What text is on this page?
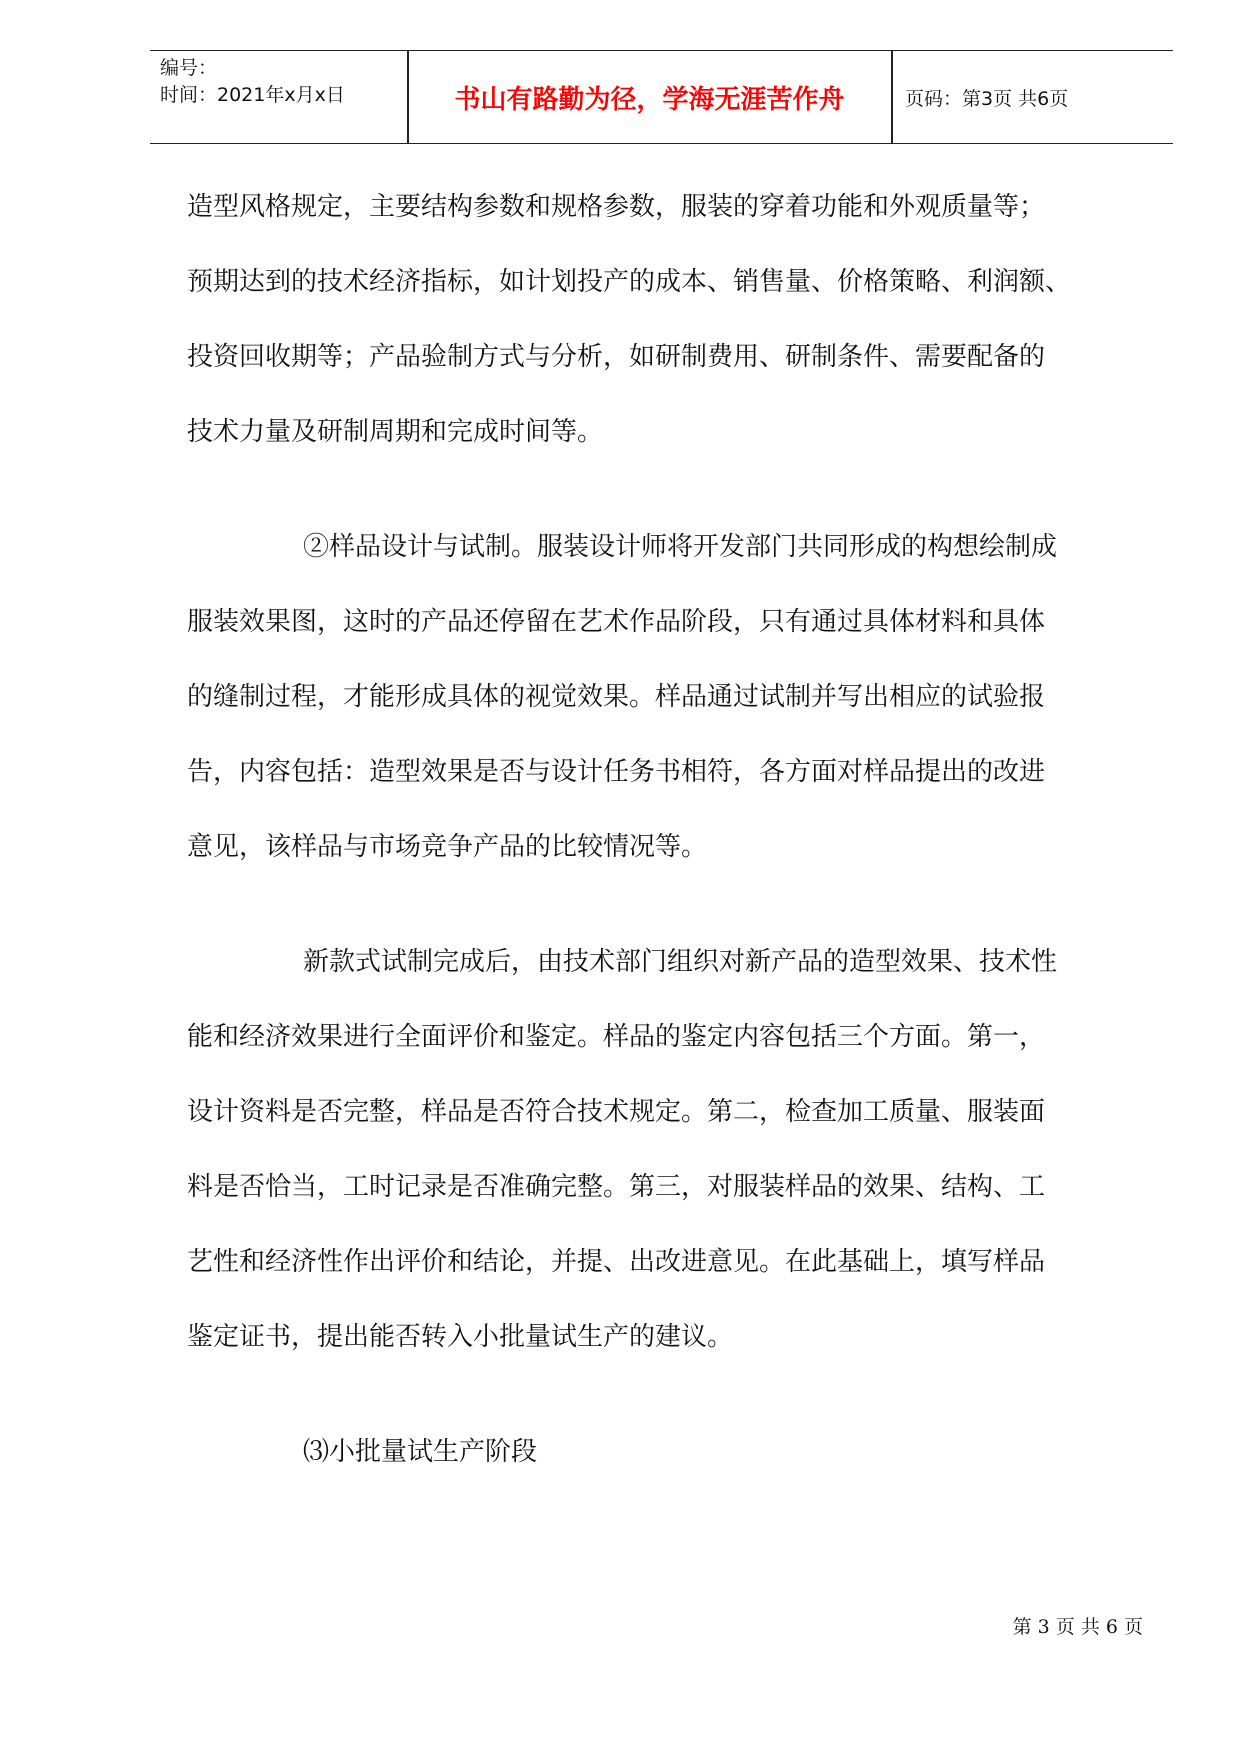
编号：
时间：2021年x月x日	书山有路勤为径，学海无涯苦作舟	页码：第3页 共6页

造型风格规定，主要结构参数和规格参数，服装的穿着功能和外观质量等；
预期达到的技术经济指标，如计划投产的成本、销售量、价格策略、利润额、
投资回收期等；产品验制方式与分析，如研制费用、研制条件、需要配备的
技术力量及研制周期和完成时间等。

②样品设计与试制。服装设计师将开发部门共同形成的构想绘制成
服装效果图，这时的产品还停留在艺术作品阶段，只有通过具体材料和具体
的缝制过程，才能形成具体的视觉效果。样品通过试制并写出相应的试验报
告，内容包括：造型效果是否与设计任务书相符，各方面对样品提出的改进
意见，该样品与市场竞争产品的比较情况等。

新款式试制完成后，由技术部门组织对新产品的造型效果、技术性
能和经济效果进行全面评价和鉴定。样品的鉴定内容包括三个方面。第一，
设计资料是否完整，样品是否符合技术规定。第二，检查加工质量、服装面
料是否恰当，工时记录是否准确完整。第三，对服装样品的效果、结构、工
艺性和经济性作出评价和结论，并提、出改进意见。在此基础上，填写样品
鉴定证书，提出能否转入小批量试生产的建议。

⑶小批量试生产阶段

第 3 页 共 6 页
